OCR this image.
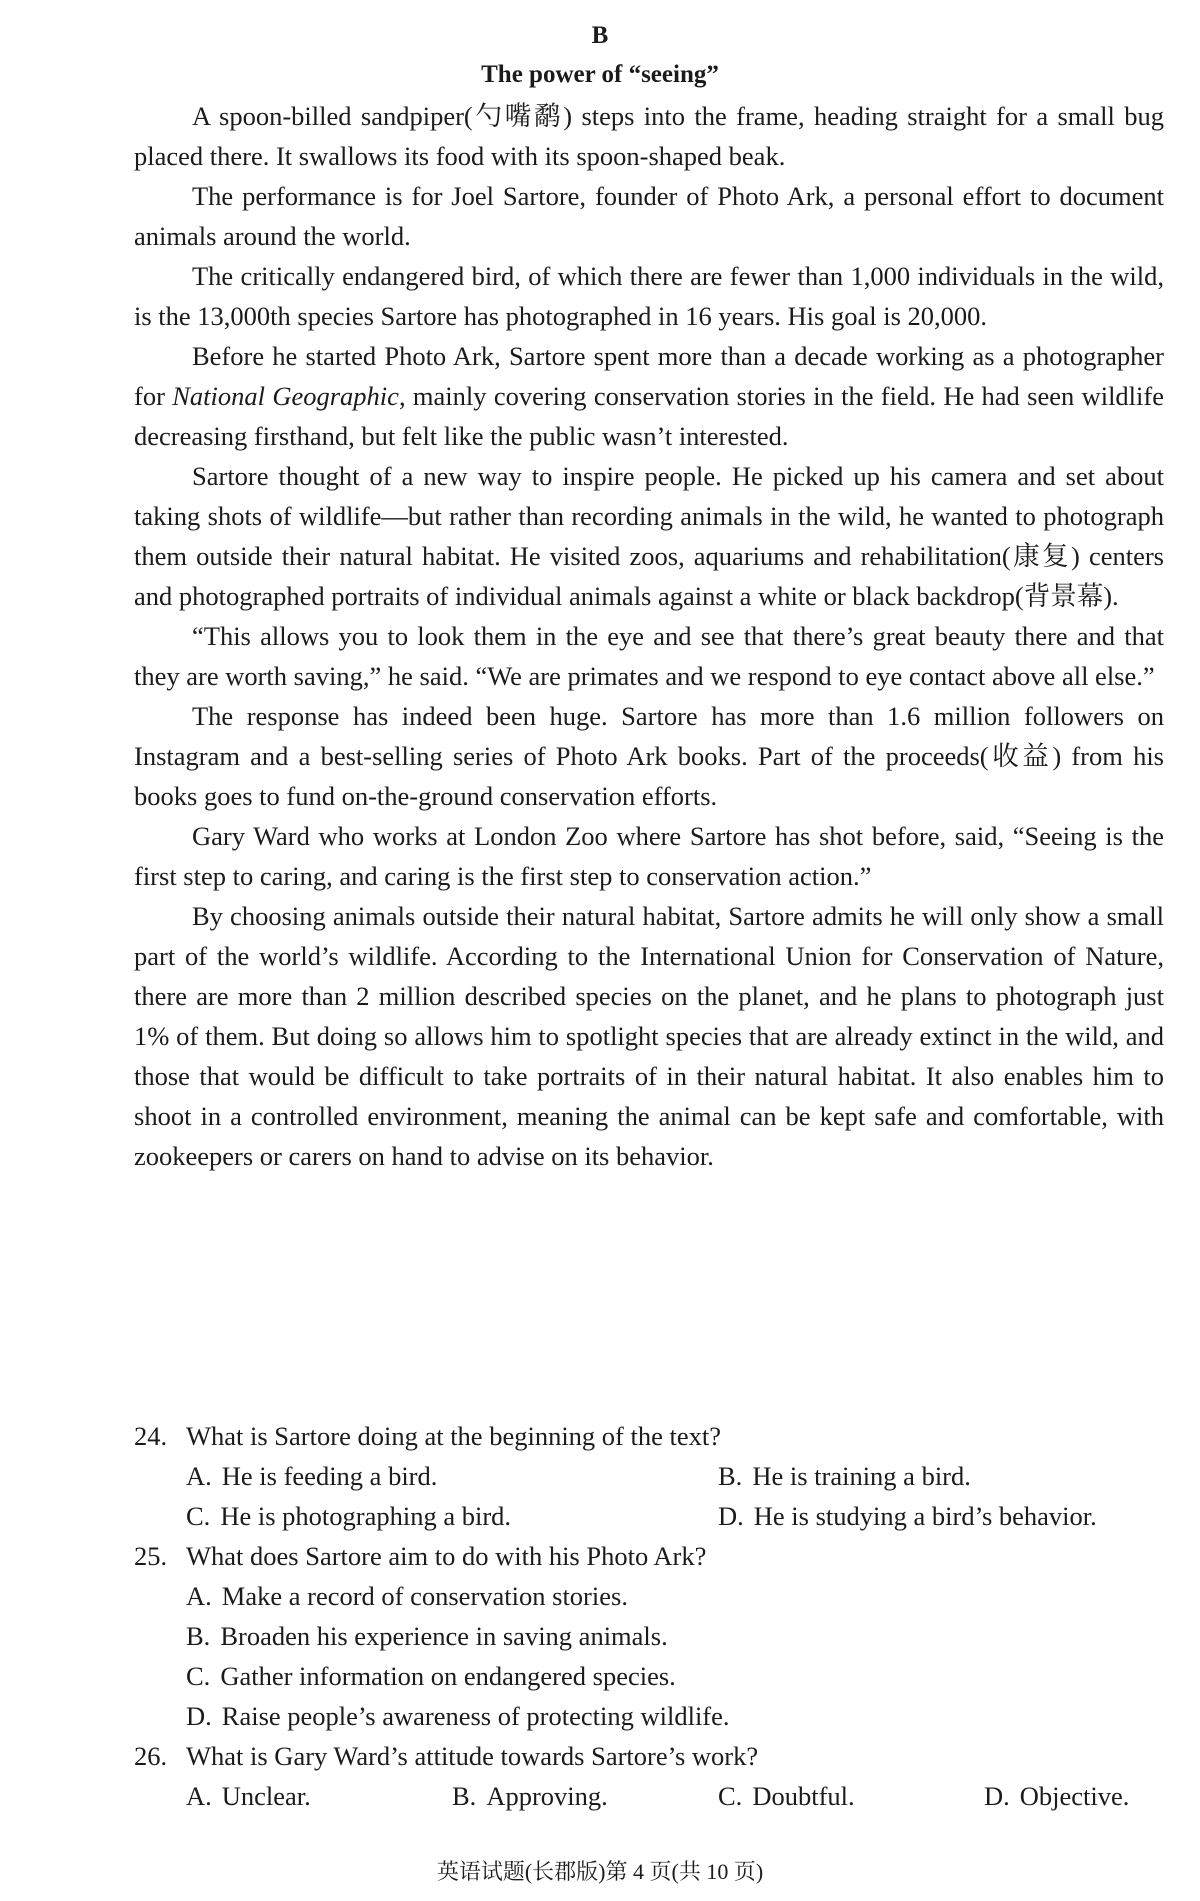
B
The power of “seeing”

A spoon-billed sandpiper(勺嘴鹬) steps into the frame, heading straight for a small bug placed there. It swallows its food with its spoon-shaped beak.

The performance is for Joel Sartore, founder of Photo Ark, a personal effort to document animals around the world.

The critically endangered bird, of which there are fewer than 1,000 individuals in the wild, is the 13,000th species Sartore has photographed in 16 years. His goal is 20,000.

Before he started Photo Ark, Sartore spent more than a decade working as a photographer for National Geographic, mainly covering conservation stories in the field. He had seen wildlife decreasing firsthand, but felt like the public wasn’t interested.

Sartore thought of a new way to inspire people. He picked up his camera and set about taking shots of wildlife—but rather than recording animals in the wild, he wanted to photograph them outside their natural habitat. He visited zoos, aquariums and rehabilitation(康复) centers and photographed portraits of individual animals against a white or black backdrop(背景幕).

“This allows you to look them in the eye and see that there’s great beauty there and that they are worth saving,” he said. “We are primates and we respond to eye contact above all else.”

The response has indeed been huge. Sartore has more than 1.6 million followers on Instagram and a best-selling series of Photo Ark books. Part of the proceeds(收益) from his books goes to fund on-the-ground conservation efforts.

Gary Ward who works at London Zoo where Sartore has shot before, said, “Seeing is the first step to caring, and caring is the first step to conservation action.”

By choosing animals outside their natural habitat, Sartore admits he will only show a small part of the world’s wildlife. According to the International Union for Conservation of Nature, there are more than 2 million described species on the planet, and he plans to photograph just 1% of them. But doing so allows him to spotlight species that are already extinct in the wild, and those that would be difficult to take portraits of in their natural habitat. It also enables him to shoot in a controlled environment, meaning the animal can be kept safe and comfortable, with zookeepers or carers on hand to advise on its behavior.

24. What is Sartore doing at the beginning of the text?
A. He is feeding a bird.	B. He is training a bird.
C. He is photographing a bird.	D. He is studying a bird’s behavior.
25. What does Sartore aim to do with his Photo Ark?
A. Make a record of conservation stories.
B. Broaden his experience in saving animals.
C. Gather information on endangered species.
D. Raise people’s awareness of protecting wildlife.
26. What is Gary Ward’s attitude towards Sartore’s work?
A. Unclear.	B. Approving.	C. Doubtful.	D. Objective.
英语试题(长郡版)第 4 页(共 10 页)
